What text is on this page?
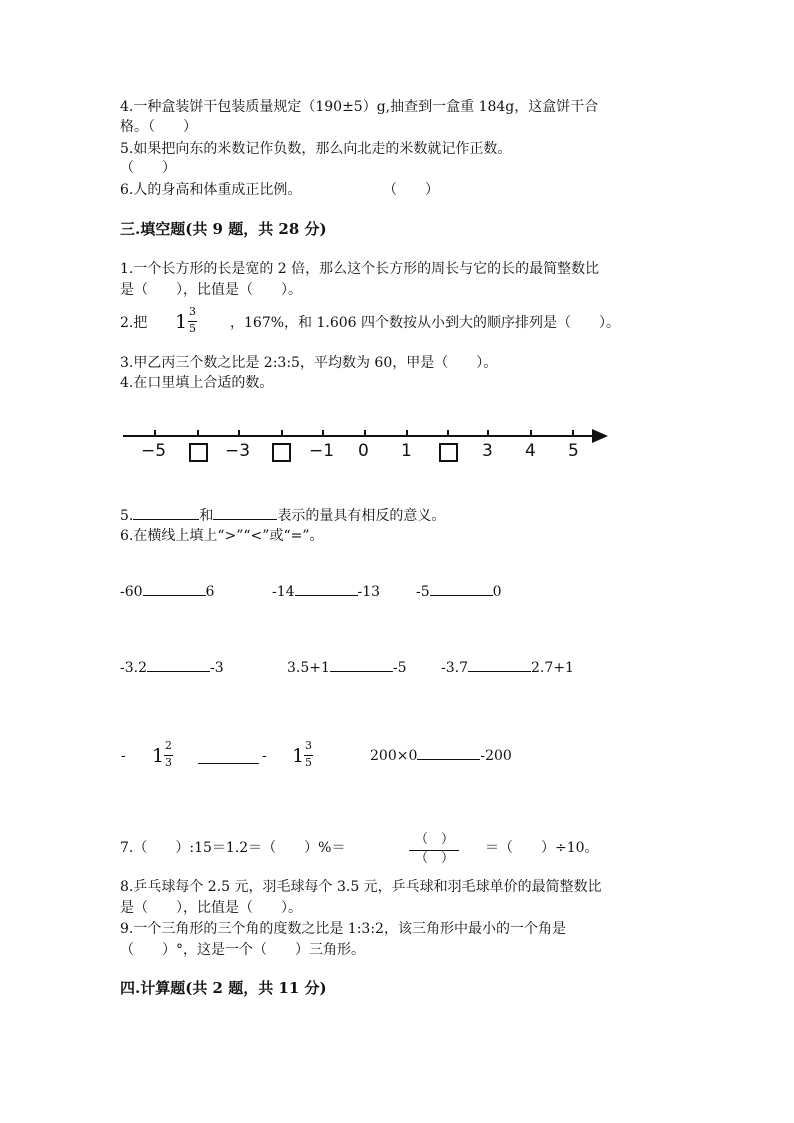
4.一种盒装饼干包装质量规定（190±5）g,抽查到一盒重 184g，这盒饼干合
格。（　　）
5.如果把向东的米数记作负数，那么向北走的米数就记作正数。
（　　）
6.人的身高和体重成正比例。	（　　）
三.填空题(共 9 题，共 28 分)
1.一个长方形的长是宽的 2 倍，那么这个长方形的周长与它的长的最简整数比
是（　　），比值是（　　）。
2.把 1 3
5 ，167%，和 1.606 四个数按从小到大的顺序排列是（　　）。
3.甲乙丙三个数之比是 2:3:5，平均数为 60，甲是（　　）。
4.在口里填上合适的数。
−5	−3	−1 0 1	3 4 5
5.	和	表示的量具有相反的意义。
6.在横线上填上“>”“<”或“=”。
-60	6	-14	-13	-5	0
-3.2	-3	3.5+1	-5 -3.7	2.7+1
- 1 2
3	- 1 3
5	200×0	-200
7.（　　）:15＝1.2＝（　　）%＝
（　）
（　）
＝（　　）÷10。
8.乒乓球每个 2.5 元，羽毛球每个 3.5 元，乒乓球和羽毛球单价的最简整数比
是（　　），比值是（　　）。
9.一个三角形的三个角的度数之比是 1:3:2，该三角形中最小的一个角是
（　　）°，这是一个（　　）三角形。
四.计算题(共 2 题，共 11 分)
